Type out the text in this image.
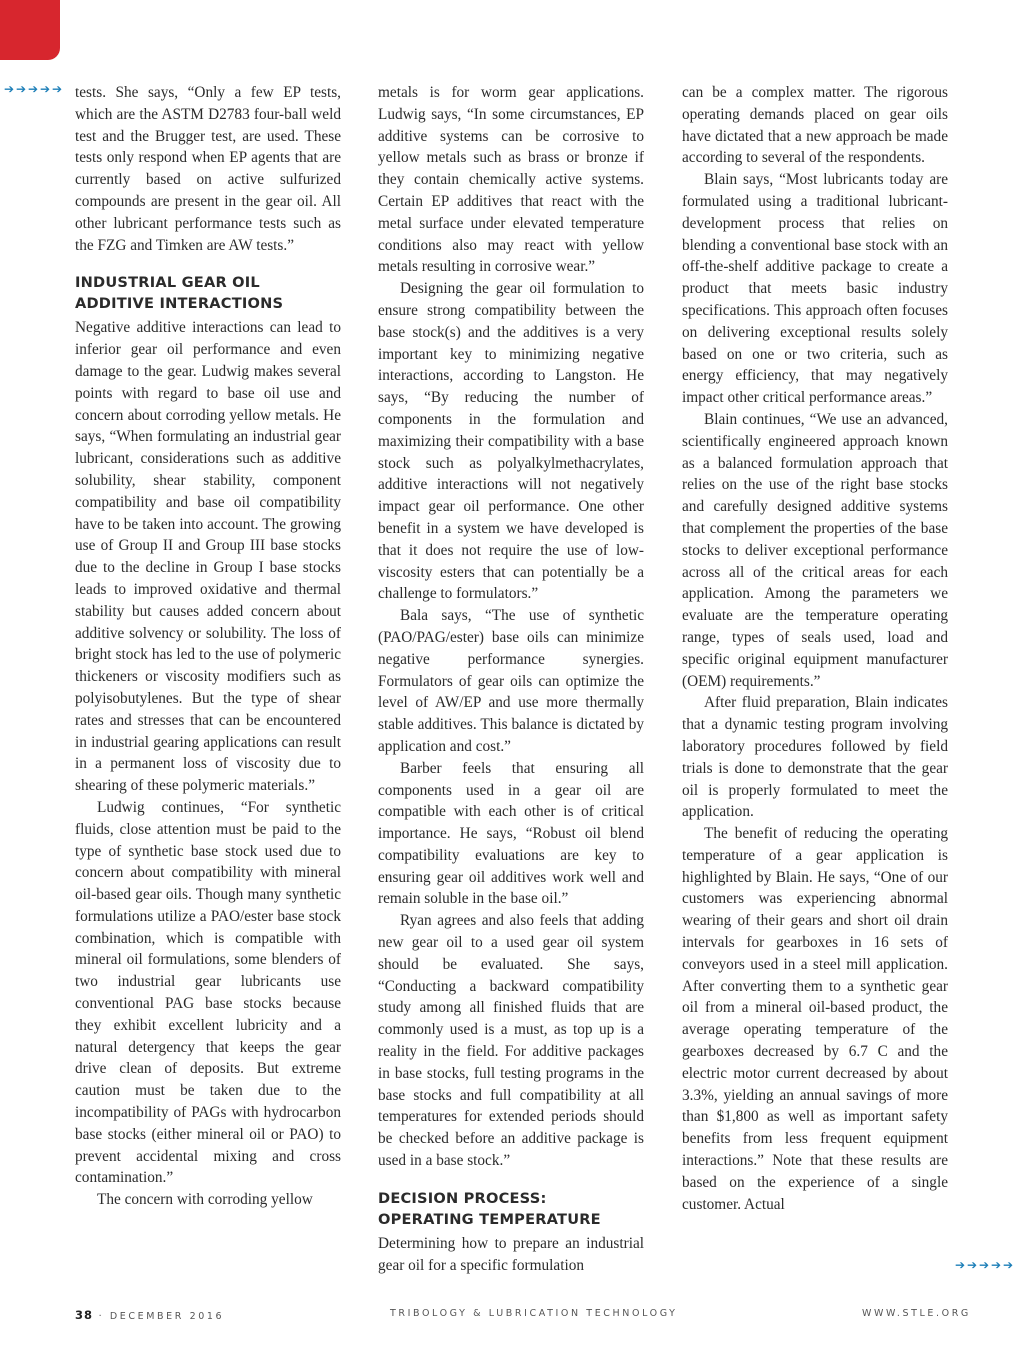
➔ ➔ ➔ ➔ ➔ tests. She says, “Only a few EP tests, which are the ASTM D2783 four-ball weld test and the Brugger test, are used. These tests only respond when EP agents that are currently based on active sulfurized compounds are present in the gear oil. All other lubricant performance tests such as the FZG and Timken are AW tests.”

INDUSTRIAL GEAR OIL ADDITIVE INTERACTIONS

Negative additive interactions can lead to inferior gear oil performance and even damage to the gear. Ludwig makes several points with regard to base oil use and concern about corroding yellow metals. He says, “When formulating an industrial gear lubricant, considerations such as additive solubility, shear stability, component compatibility and base oil compatibility have to be taken into account. The growing use of Group II and Group III base stocks due to the decline in Group I base stocks leads to improved oxidative and thermal stability but causes added concern about additive solvency or solubility. The loss of bright stock has led to the use of polymeric thickeners or viscosity modifiers such as polyisobutylenes. But the type of shear rates and stresses that can be encountered in industrial gearing applications can result in a permanent loss of viscosity due to shearing of these polymeric materials.”

Ludwig continues, “For synthetic fluids, close attention must be paid to the type of synthetic base stock used due to concern about compatibility with mineral oil-based gear oils. Though many synthetic formulations utilize a PAO/ester base stock combination, which is compatible with mineral oil formulations, some blenders of two industrial gear lubricants use conventional PAG base stocks because they exhibit excellent lubricity and a natural detergency that keeps the gear drive clean of deposits. But extreme caution must be taken due to the incompatibility of PAGs with hydrocarbon base stocks (either mineral oil or PAO) to prevent accidental mixing and cross contamination.”

The concern with corroding yellow

metals is for worm gear applications. Ludwig says, “In some circumstances, EP additive systems can be corrosive to yellow metals such as brass or bronze if they contain chemically active systems. Certain EP additives that react with the metal surface under elevated temperature conditions also may react with yellow metals resulting in corrosive wear.”

Designing the gear oil formulation to ensure strong compatibility between the base stock(s) and the additives is a very important key to minimizing negative interactions, according to Langston. He says, “By reducing the number of components in the formulation and maximizing their compatibility with a base stock such as polyalkylmethacrylates, additive interactions will not negatively impact gear oil performance. One other benefit in a system we have developed is that it does not require the use of low-viscosity esters that can potentially be a challenge to formulators.”

Bala says, “The use of synthetic (PAO/PAG/ester) base oils can minimize negative performance synergies. Formulators of gear oils can optimize the level of AW/EP and use more thermally stable additives. This balance is dictated by application and cost.”

Barber feels that ensuring all components used in a gear oil are compatible with each other is of critical importance. He says, “Robust oil blend compatibility evaluations are key to ensuring gear oil additives work well and remain soluble in the base oil.”

Ryan agrees and also feels that adding new gear oil to a used gear oil system should be evaluated. She says, “Conducting a backward compatibility study among all finished fluids that are commonly used is a must, as top up is a reality in the field. For additive packages in base stocks, full testing programs in the base stocks and full compatibility at all temperatures for extended periods should be checked before an additive package is used in a base stock.”

DECISION PROCESS: OPERATING TEMPERATURE

Determining how to prepare an industrial gear oil for a specific formulation

can be a complex matter. The rigorous operating demands placed on gear oils have dictated that a new approach be made according to several of the respondents.

Blain says, “Most lubricants today are formulated using a traditional lubricant-development process that relies on blending a conventional base stock with an off-the-shelf additive package to create a product that meets basic industry specifications. This approach often focuses on delivering exceptional results solely based on one or two criteria, such as energy efficiency, that may negatively impact other critical performance areas.”

Blain continues, “We use an advanced, scientifically engineered approach known as a balanced formulation approach that relies on the use of the right base stocks and carefully designed additive systems that complement the properties of the base stocks to deliver exceptional performance across all of the critical areas for each application. Among the parameters we evaluate are the temperature operating range, types of seals used, load and specific original equipment manufacturer (OEM) requirements.”

After fluid preparation, Blain indicates that a dynamic testing program involving laboratory procedures followed by field trials is done to demonstrate that the gear oil is properly formulated to meet the application.

The benefit of reducing the operating temperature of a gear application is highlighted by Blain. He says, “One of our customers was experiencing abnormal wearing of their gears and short oil drain intervals for gearboxes in 16 sets of conveyors used in a steel mill application. After converting them to a synthetic gear oil from a mineral oil-based product, the average operating temperature of the gearboxes decreased by 6.7 C and the electric motor current decreased by about 3.3%, yielding an annual savings of more than $1,800 as well as important safety benefits from less frequent equipment interactions.” Note that these results are based on the experience of a single customer. Actual

➔ ➔ ➔ ➔ ➔
38 · DECEMBER 2016	TRIBOLOGY & LUBRICATION TECHNOLOGY	WWW.STLE.ORG
